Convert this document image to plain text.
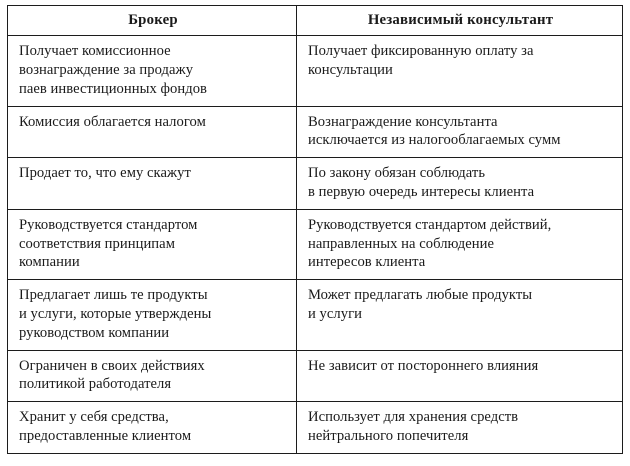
Брокер	Независимый консультант

Получает комиссионное
вознаграждение за продажу
паев инвестиционных фондов	Получает фиксированную оплату за
консультации

Комиссия облагается налогом	Вознаграждение консультанта
исключается из налогооблагаемых сумм

Продает то, что ему скажут	По закону обязан соблюдать
в первую очередь интересы клиента

Руководствуется стандартом
соответствия принципам
компании	Руководствуется стандартом действий,
направленных на соблюдение
интересов клиента

Предлагает лишь те продукты
и услуги, которые утверждены
руководством компании	Может предлагать любые продукты
и услуги

Ограничен в своих действиях
политикой работодателя	Не зависит от постороннего влияния

Хранит у себя средства,
предоставленные клиентом	Использует для хранения средств
нейтрального попечителя
